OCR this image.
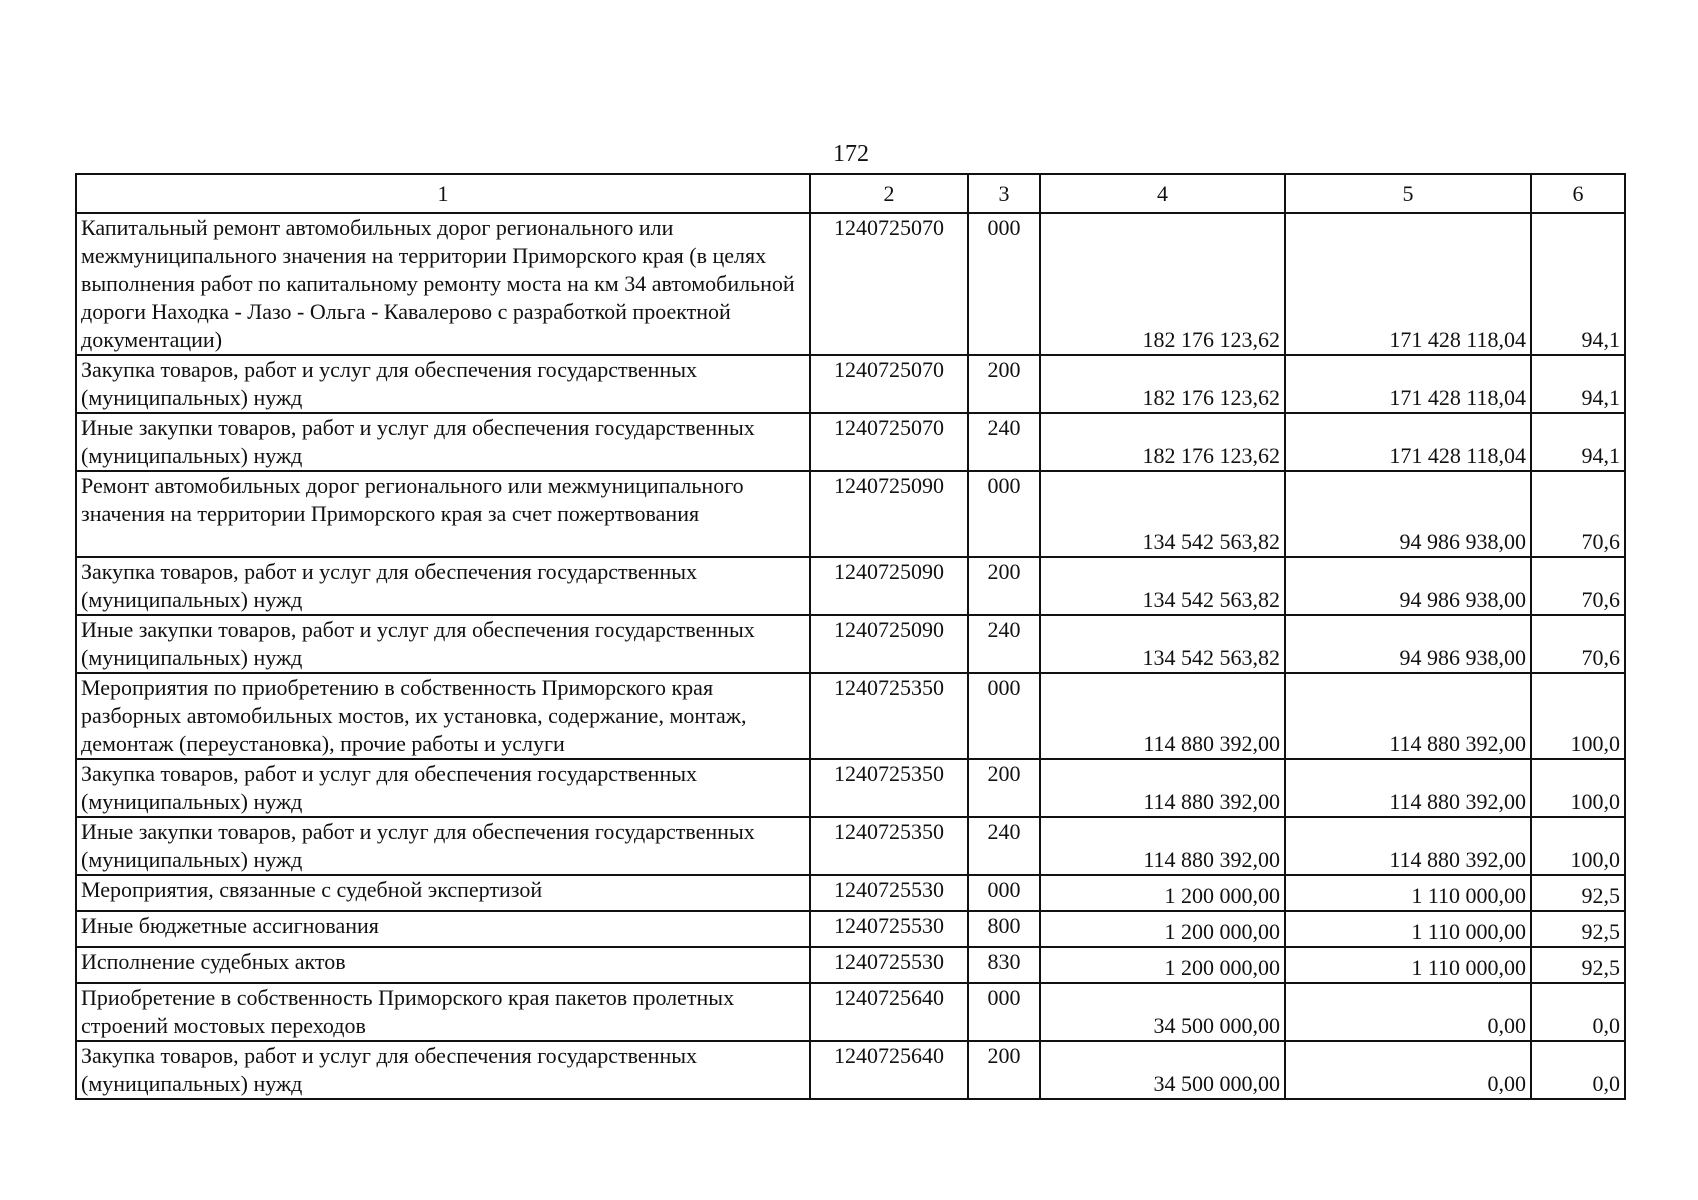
172
1	2	3	4	5	6
Капитальный ремонт автомобильных дорог регионального или межмуниципального значения на территории Приморского края (в целях выполнения работ по капитальному ремонту моста на км 34 автомобильной дороги Находка - Лазо - Ольга - Кавалерово с разработкой проектной документации)	1240725070	000	182 176 123,62	171 428 118,04	94,1
Закупка товаров, работ и услуг для обеспечения государственных (муниципальных) нужд	1240725070	200	182 176 123,62	171 428 118,04	94,1
Иные закупки товаров, работ и услуг для обеспечения государственных (муниципальных) нужд	1240725070	240	182 176 123,62	171 428 118,04	94,1
Ремонт автомобильных дорог регионального или межмуниципального значения на территории Приморского края за счет пожертвования	1240725090	000	134 542 563,82	94 986 938,00	70,6
Закупка товаров, работ и услуг для обеспечения государственных (муниципальных) нужд	1240725090	200	134 542 563,82	94 986 938,00	70,6
Иные закупки товаров, работ и услуг для обеспечения государственных (муниципальных) нужд	1240725090	240	134 542 563,82	94 986 938,00	70,6
Мероприятия по приобретению в собственность Приморского края разборных автомобильных мостов, их установка, содержание, монтаж, демонтаж (переустановка), прочие работы и услуги	1240725350	000	114 880 392,00	114 880 392,00	100,0
Закупка товаров, работ и услуг для обеспечения государственных (муниципальных) нужд	1240725350	200	114 880 392,00	114 880 392,00	100,0
Иные закупки товаров, работ и услуг для обеспечения государственных (муниципальных) нужд	1240725350	240	114 880 392,00	114 880 392,00	100,0
Мероприятия, связанные с судебной экспертизой	1240725530	000	1 200 000,00	1 110 000,00	92,5
Иные бюджетные ассигнования	1240725530	800	1 200 000,00	1 110 000,00	92,5
Исполнение судебных актов	1240725530	830	1 200 000,00	1 110 000,00	92,5
Приобретение в собственность Приморского края пакетов пролетных строений мостовых переходов	1240725640	000	34 500 000,00	0,00	0,0
Закупка товаров, работ и услуг для обеспечения государственных (муниципальных) нужд	1240725640	200	34 500 000,00	0,00	0,0
